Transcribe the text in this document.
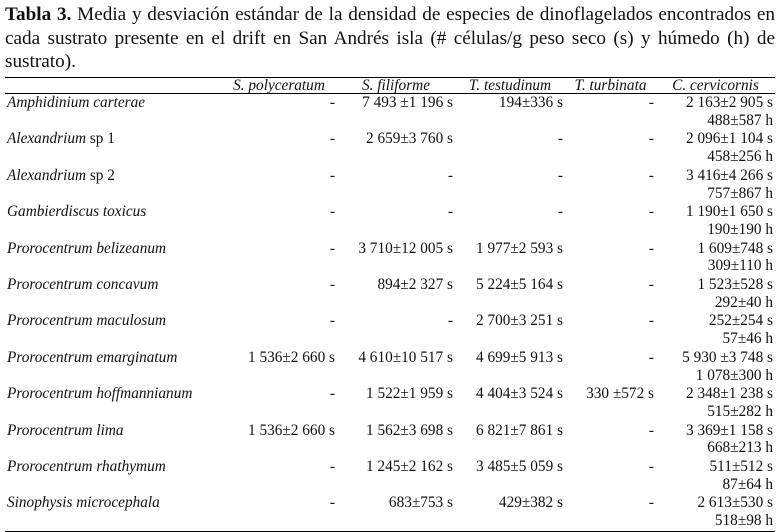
Tabla 3. Media y desviación estándar de la densidad de especies de dinoflagelados encontrados en cada sustrato presente en el drift en San Andrés isla (# células/g peso seco (s) y húmedo (h) de sustrato).
	S. polyceratum	S. filiforme	T. testudinum	T. turbinata	C. cervicornis
Amphidinium carterae	-	7 493 ±1 196 s	194±336 s	-	2 163±2 905 s
488±587 h

Alexandrium sp 1	-	2 659±3 760 s	-	-	2 096±1 104 s
458±256 h

Alexandrium sp 2	-	-	-	-	3 416±4 266 s
757±867 h

Gambierdiscus toxicus	-	-	-	-	1 190±1 650 s
190±190 h

Prorocentrum belizeanum	-	3 710±12 005 s	1 977±2 593 s	-	1 609±748 s
309±110 h

Prorocentrum concavum	-	894±2 327 s	5 224±5 164 s	-	1 523±528 s
292±40 h

Prorocentrum maculosum	-	-	2 700±3 251 s	-	252±254 s
57±46 h

Prorocentrum emarginatum	1 536±2 660 s	4 610±10 517 s	4 699±5 913 s	-	5 930 ±3 748 s
1 078±300 h

Prorocentrum hoffmannianum	-	1 522±1 959 s	4 404±3 524 s	330 ±572 s	2 348±1 238 s
515±282 h

Prorocentrum lima	1 536±2 660 s	1 562±3 698 s	6 821±7 861 s	-	3 369±1 158 s
668±213 h

Prorocentrum rhathymum	-	1 245±2 162 s	3 485±5 059 s	-	511±512 s
87±64 h

Sinophysis microcephala	-	683±753 s	429±382 s	-	2 613±530 s
518±98 h
